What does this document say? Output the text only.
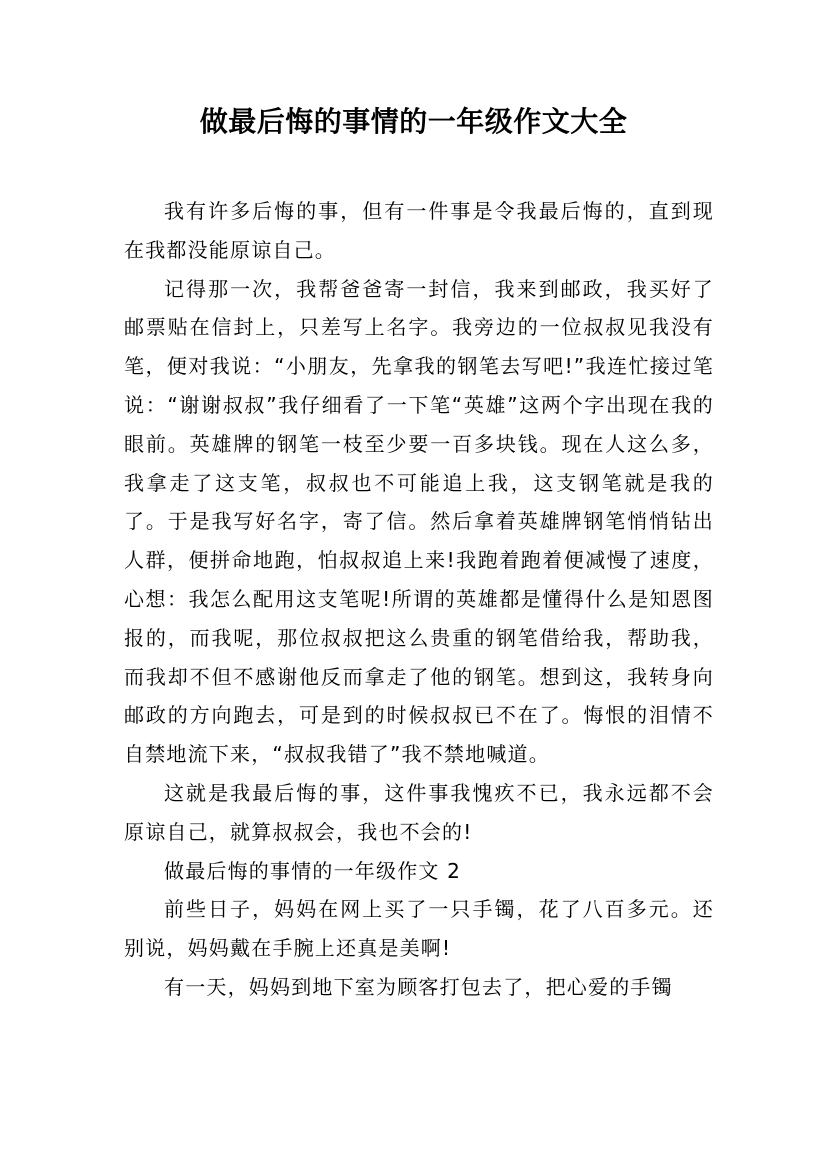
做最后悔的事情的一年级作文大全

我有许多后悔的事，但有一件事是令我最后悔的，直到现在我都没能原谅自己。

记得那一次，我帮爸爸寄一封信，我来到邮政，我买好了邮票贴在信封上，只差写上名字。我旁边的一位叔叔见我没有笔，便对我说：“小朋友，先拿我的钢笔去写吧!”我连忙接过笔说：“谢谢叔叔”我仔细看了一下笔“英雄”这两个字出现在我的眼前。英雄牌的钢笔一枝至少要一百多块钱。现在人这么多，我拿走了这支笔，叔叔也不可能追上我，这支钢笔就是我的了。于是我写好名字，寄了信。然后拿着英雄牌钢笔悄悄钻出人群，便拼命地跑，怕叔叔追上来!我跑着跑着便减慢了速度，心想：我怎么配用这支笔呢!所谓的英雄都是懂得什么是知恩图报的，而我呢，那位叔叔把这么贵重的钢笔借给我，帮助我，而我却不但不感谢他反而拿走了他的钢笔。想到这，我转身向邮政的方向跑去，可是到的时候叔叔已不在了。悔恨的泪情不自禁地流下来，“叔叔我错了”我不禁地喊道。

这就是我最后悔的事，这件事我愧疚不已，我永远都不会原谅自己，就算叔叔会，我也不会的!

做最后悔的事情的一年级作文 2

前些日子，妈妈在网上买了一只手镯，花了八百多元。还别说，妈妈戴在手腕上还真是美啊!

有一天，妈妈到地下室为顾客打包去了，把心爱的手镯
